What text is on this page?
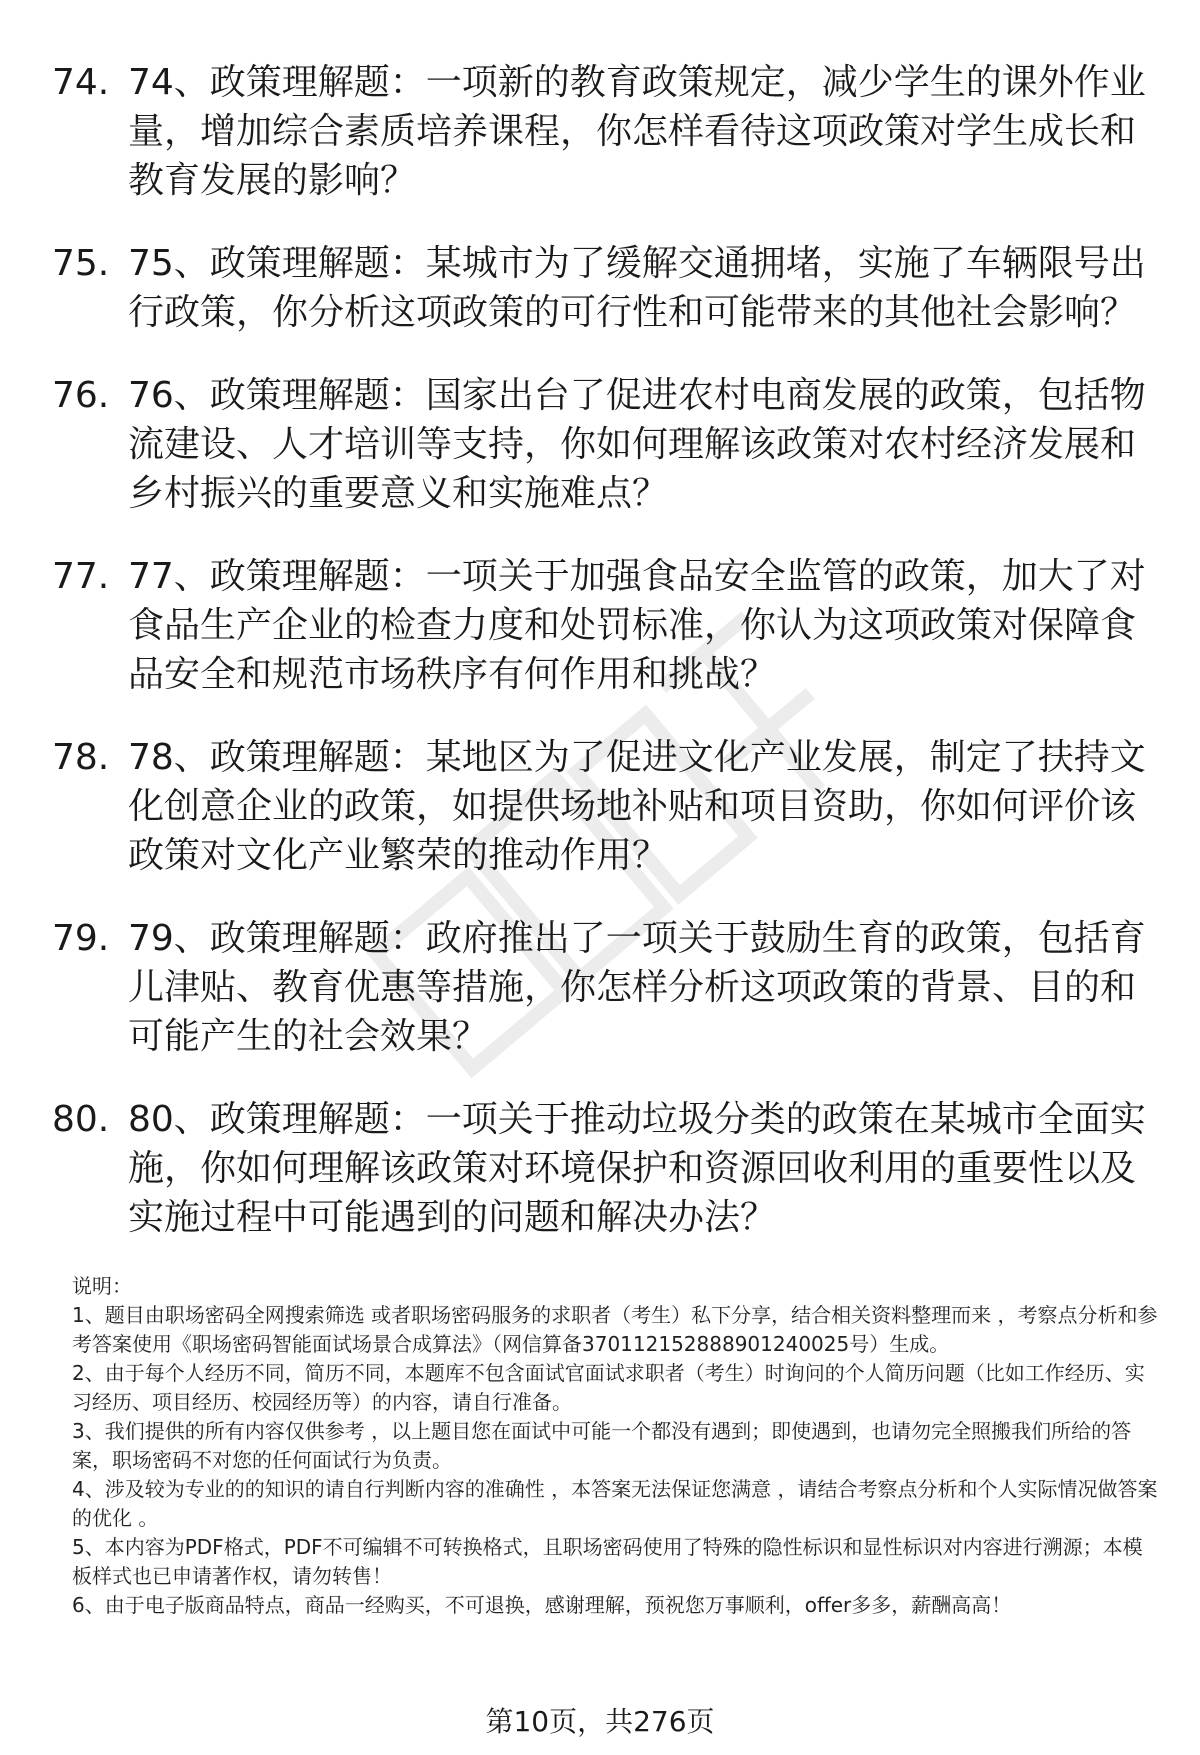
74. 74、政策理解题：一项新的教育政策规定，减少学生的课外作业量，增加综合素质培养课程，你怎样看待这项政策对学生成长和教育发展的影响？
75. 75、政策理解题：某城市为了缓解交通拥堵，实施了车辆限号出行政策，你分析这项政策的可行性和可能带来的其他社会影响？
76. 76、政策理解题：国家出台了促进农村电商发展的政策，包括物流建设、人才培训等支持，你如何理解该政策对农村经济发展和乡村振兴的重要意义和实施难点？
77. 77、政策理解题：一项关于加强食品安全监管的政策，加大了对食品生产企业的检查力度和处罚标准，你认为这项政策对保障食品安全和规范市场秩序有何作用和挑战？
78. 78、政策理解题：某地区为了促进文化产业发展，制定了扶持文化创意企业的政策，如提供场地补贴和项目资助，你如何评价该政策对文化产业繁荣的推动作用？
79. 79、政策理解题：政府推出了一项关于鼓励生育的政策，包括育儿津贴、教育优惠等措施，你怎样分析这项政策的背景、目的和可能产生的社会效果？
80. 80、政策理解题：一项关于推动垃圾分类的政策在某城市全面实施，你如何理解该政策对环境保护和资源回收利用的重要性以及实施过程中可能遇到的问题和解决办法？

说明：

1、题目由职场密码全网搜索筛选 或者职场密码服务的求职者（考生）私下分享，结合相关资料整理而来 ，考察点分析和参考答案使用《职场密码智能面试场景合成算法》（网信算备370112152888901240025号）生成。

2、由于每个人经历不同，简历不同，本题库不包含面试官面试求职者（考生）时询问的个人简历问题（比如工作经历、实习经历、项目经历、校园经历等）的内容，请自行准备。

3、我们提供的所有内容仅供参考 ，以上题目您在面试中可能一个都没有遇到；即使遇到，也请勿完全照搬我们所给的答案，职场密码不对您的任何面试行为负责。

4、涉及较为专业的的知识的请自行判断内容的准确性 ，本答案无法保证您满意 ，请结合考察点分析和个人实际情况做答案的优化 。

5、本内容为PDF格式，PDF不可编辑不可转换格式，且职场密码使用了特殊的隐性标识和显性标识对内容进行溯源；本模板样式也已申请著作权，请勿转售！

6、由于电子版商品特点，商品一经购买，不可退换，感谢理解，预祝您万事顺利，offer多多，薪酬高高！

第10页，共276页
